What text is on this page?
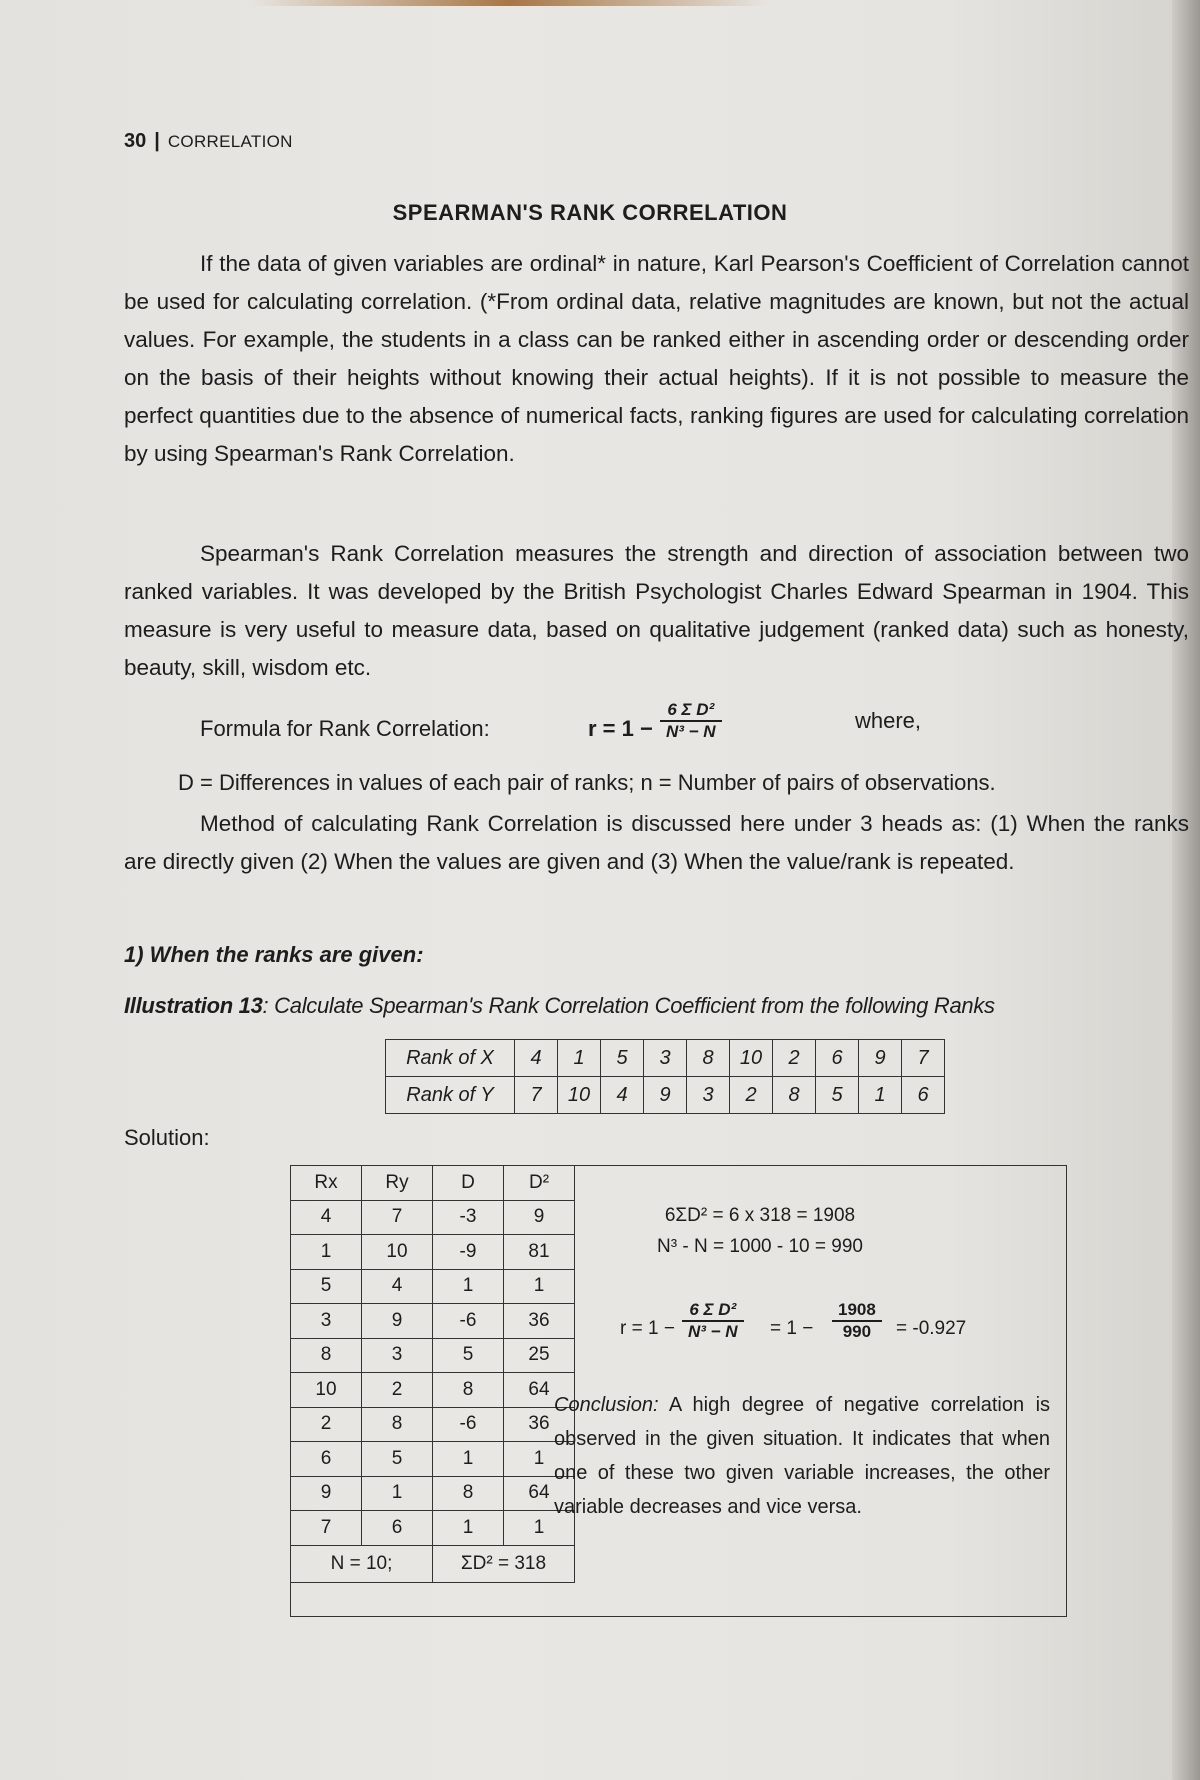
30 | CORRELATION
SPEARMAN'S RANK CORRELATION
If the data of given variables are ordinal* in nature, Karl Pearson's Coefficient of Correlation cannot be used for calculating correlation. (*From ordinal data, relative magnitudes are known, but not the actual values. For example, the students in a class can be ranked either in ascending order or descending order on the basis of their heights without knowing their actual heights). If it is not possible to measure the perfect quantities due to the absence of numerical facts, ranking figures are used for calculating correlation by using Spearman's Rank Correlation.
Spearman's Rank Correlation measures the strength and direction of association between two ranked variables. It was developed by the British Psychologist Charles Edward Spearman in 1904. This measure is very useful to measure data, based on qualitative judgement (ranked data) such as honesty, beauty, skill, wisdom etc.
Formula for Rank Correlation:	$r = 1 - \frac{\text{6 Σ D²}}{\text{N³ − N}}$	where,
D = Differences in values of each pair of ranks; n = Number of pairs of observations.
Method of calculating Rank Correlation is discussed here under 3 heads as: (1) When the ranks are directly given (2) When the values are given and (3) When the value/rank is repeated.
1) When the ranks are given:
Illustration 13: Calculate Spearman's Rank Correlation Coefficient from the following Ranks
Rank of X	4	1	5	3	8	10	2	6	9	7
Rank of Y	7	10	4	9	3	2	8	5	1	6
Solution:
Rx	Ry	D	D²
4	7	-3	9
1	10	-9	81
5	4	1	1
3	9	-6	36
8	3	5	25
10	2	8	64
2	8	-6	36
6	5	1	1
9	1	8	64
7	6	1	1
N = 10;		ΣD² = 318	
6ΣD² = 6 x 318 = 1908
N³ - N = 1000 - 10 = 990
$r = 1 - \frac{\text{6 Σ D²}}{\text{N³ − N}} = 1 - \frac{1908}{990} = -0.927$
Conclusion: A high degree of negative correlation is observed in the given situation. It indicates that when one of these two given variable increases, the other variable decreases and vice versa.
